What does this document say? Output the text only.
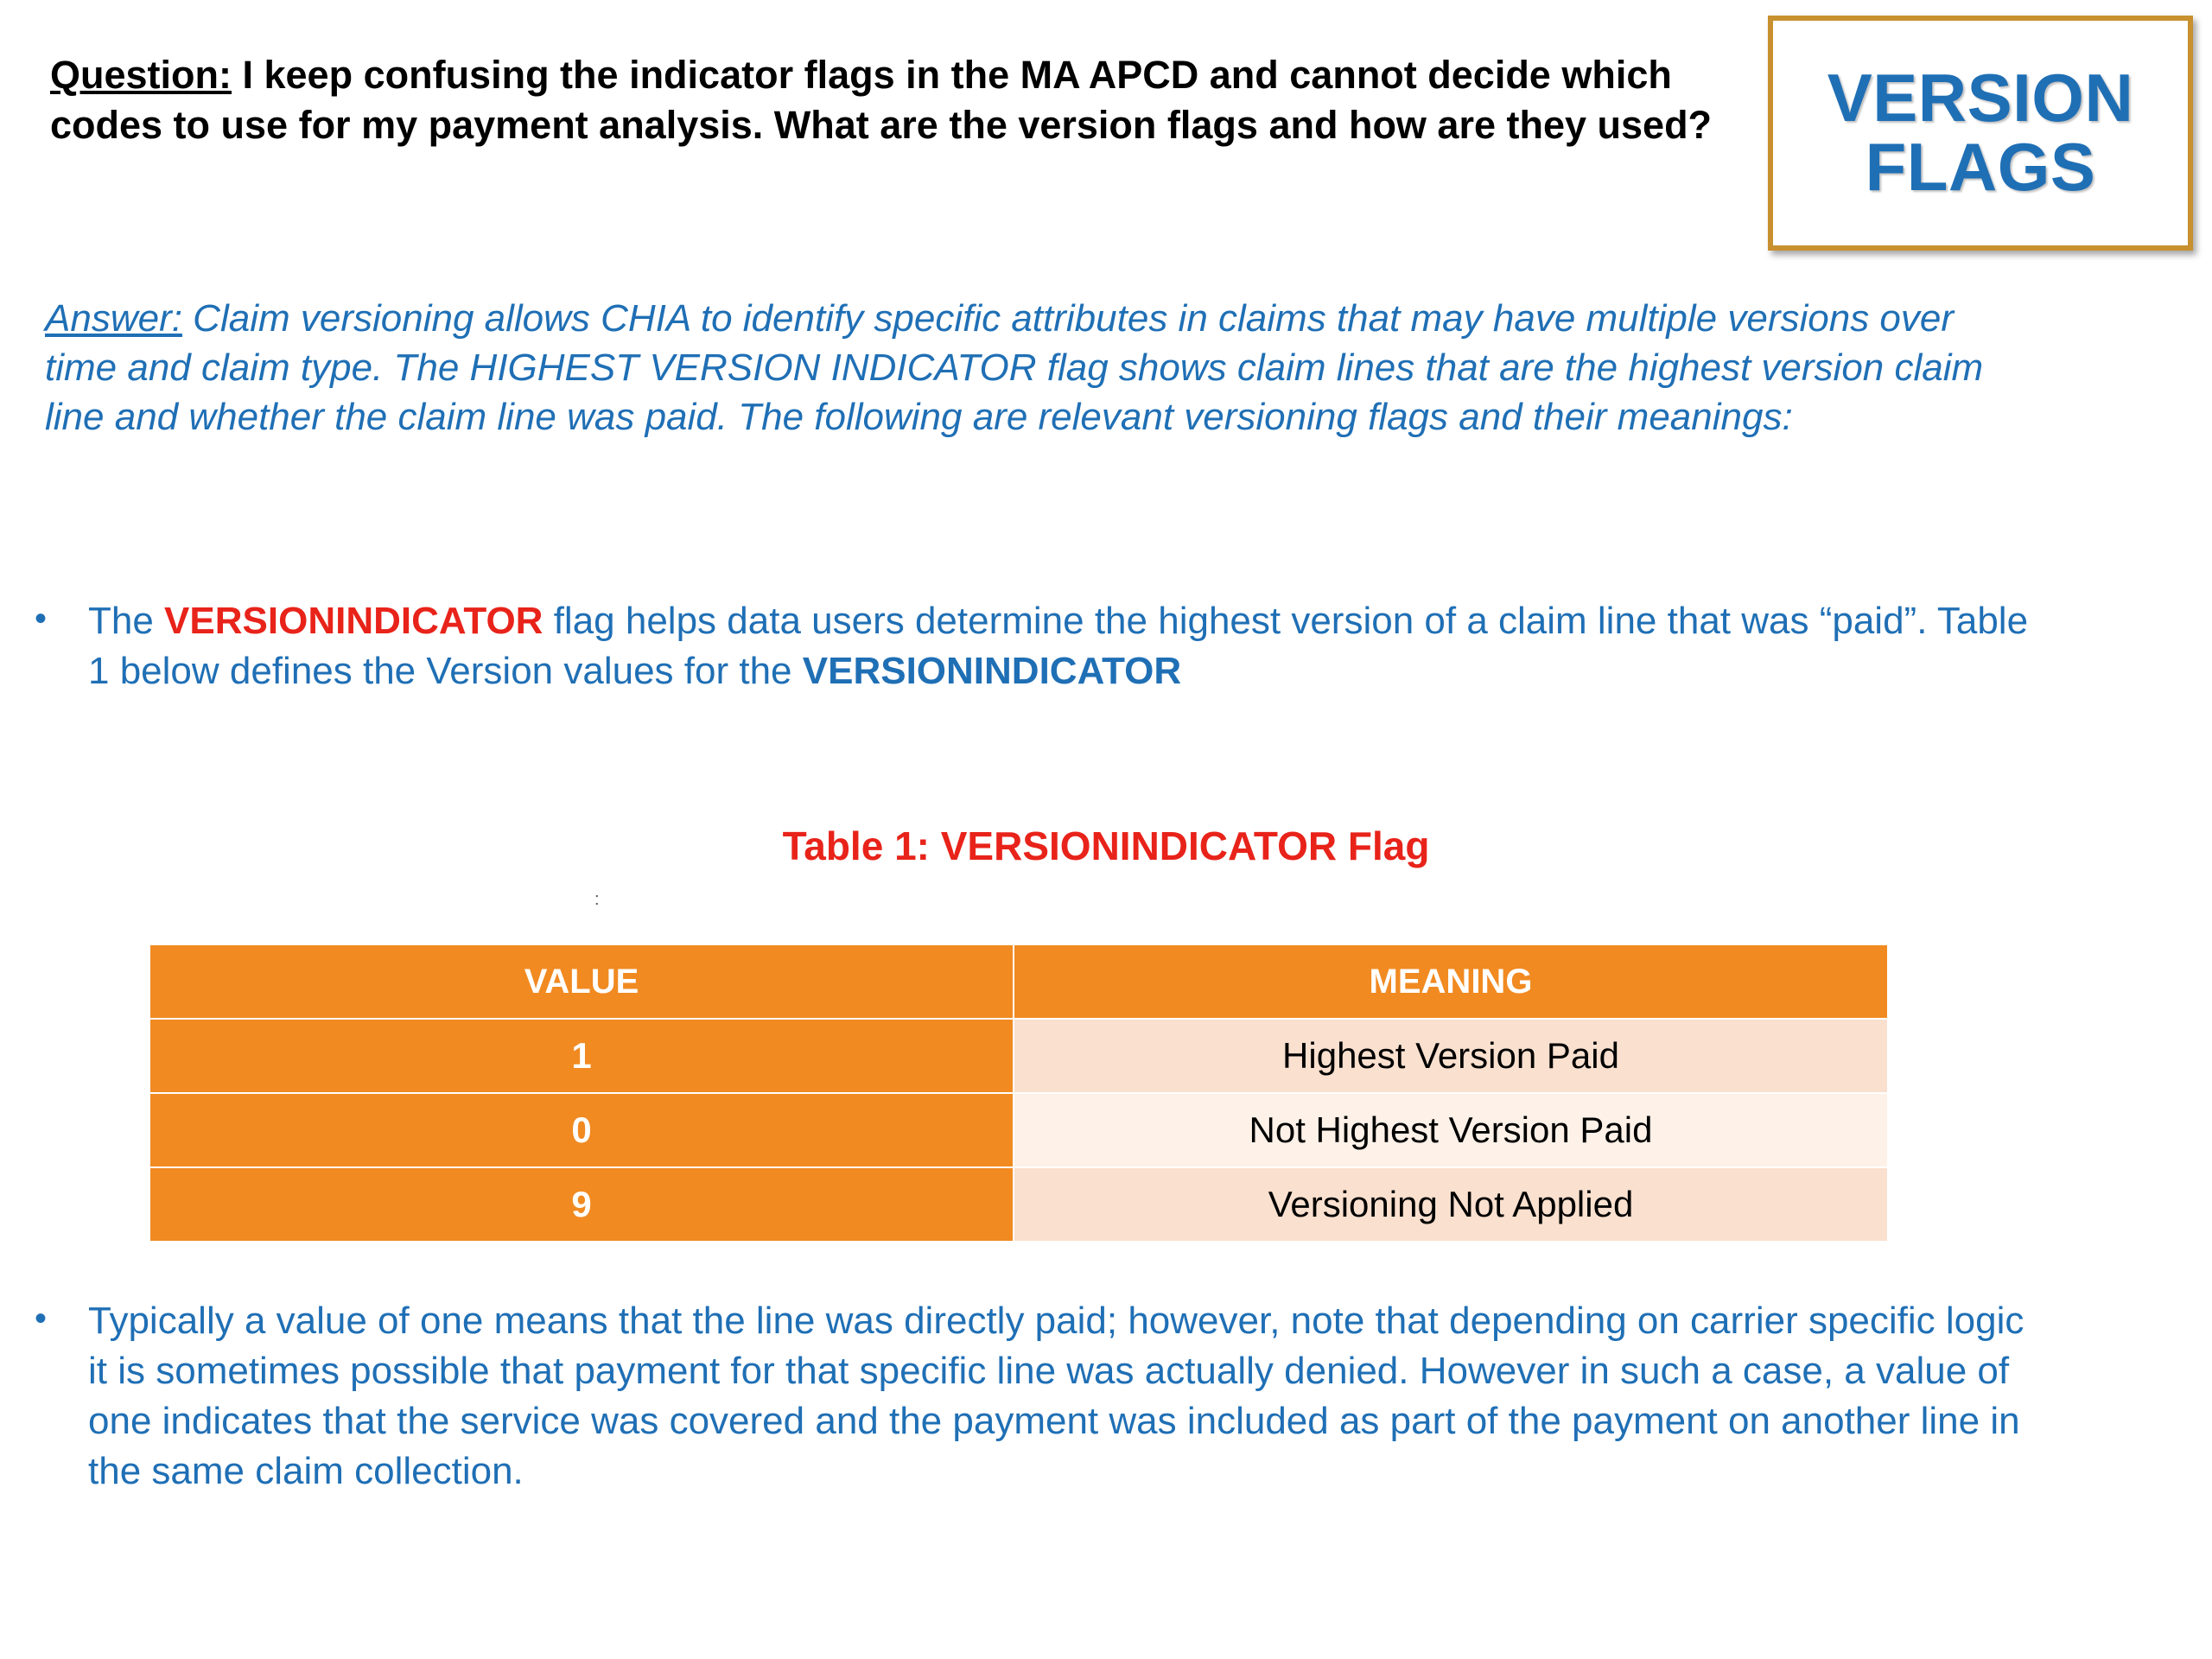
VERSION
FLAGS
Question: I keep confusing the indicator flags in the MA APCD and cannot decide which codes to use for my payment analysis. What are the version flags and how are they used?
Answer: Claim versioning allows CHIA to identify specific attributes in claims that may have multiple versions over time and claim type. The HIGHEST VERSION INDICATOR flag shows claim lines that are the highest version claim line and whether the claim line was paid. The following are relevant versioning flags and their meanings:
•	The VERSIONINDICATOR flag helps data users determine the highest version of a claim line that was “paid”. Table 1 below defines the Version values for the VERSIONINDICATOR
Table 1: VERSIONINDICATOR Flag
:
VALUE	MEANING
1	Highest Version Paid
0	Not Highest Version Paid
9	Versioning Not Applied
•	Typically a value of one means that the line was directly paid; however, note that depending on carrier specific logic it is sometimes possible that payment for that specific line was actually denied. However in such a case, a value of one indicates that the service was covered and the payment was included as part of the payment on another line in the same claim collection.
